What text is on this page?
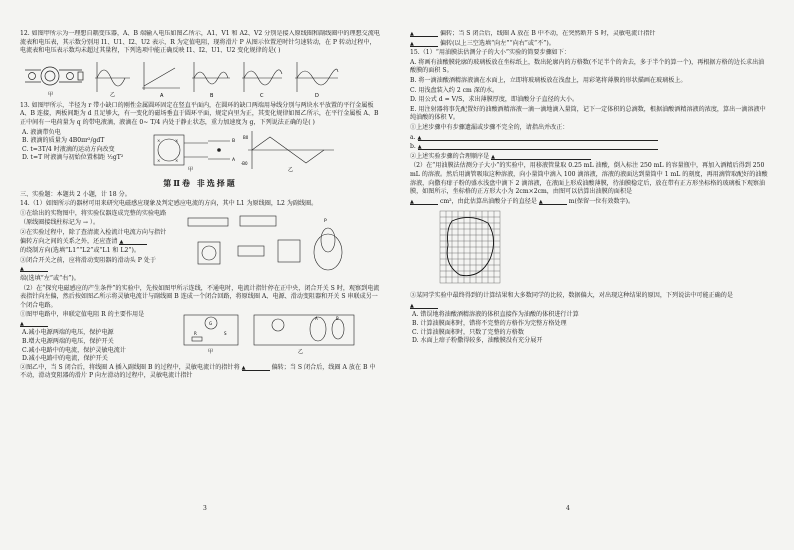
12. 如图甲所示为一理想自耦变压器，A、B 端输入电压如图乙所示，A1、V1 和 A2、V2 分别是接入原线圈和副线圈中的理想交流电流表和电压表，其示数分别用 I1、U1、I2、U2 表示，R 为定值电阻，现将滑片 P 从图示位置逆时针匀速转动，在 P 转动过程中，电流表和电压表示数均未超过其量程，下列选项中能正确反映 I1、I2、U1、U2 变化规律的是( )

甲	乙	A	B	C	D

13. 如图甲所示，半径为 r 带小缺口的刚性金属圆环固定在竖直平面内，在圆环的缺口两端用导线分别与两块水平放置的平行金属板 A、B 连接，两板间距为 d 且足够大，有一变化的磁场垂直于圆环平面，规定向里为正，其变化规律如图乙所示，在平行金属板 A、B 正中间有一电荷量为 q 的带电液滴，液滴在 0~ T/4 内处于静止状态，重力加速度为 g，下列说法正确的是( )

A. 液滴带负电

B. 液滴的质量为 4B0πr²/gdT

C. t=3T/4 时液滴的运动方向改变

D. t=T 时液滴与初始位置相距 ½gT²

×	×
×	×
B
A
甲
B0
-B0
乙
第Ⅱ卷 非选择题

三、实验题：本题共 2 小题，计 18 分。

14.（1）如图所示的器材可用来研究电磁感应现象及判定感应电流的方向，其中 L1 为原线圈，L2 为副线圈。

①在给出的实物图中，将实验仪器连成完整的实验电路

（原线圈接线柱标记为 → ）。

②在实验过程中，除了查清流入检流计电流方向与指针偏转方向之间的关系之外，还应查清 ▲

的绕制方向(选填“L1”“L2”或“L1 和 L2”)。

③闭合开关之前，应将滑动变阻器的滑动头 P 处于 ▲

端(选填“左”或“右”)。

P

（2）在“探究电磁感应的产生条件”的实验中，先按如图甲所示连线，不通电时，电流计指针停在正中央，闭合开关 S 时，观察到电流表指针向左偏，然后按如图乙所示将灵敏电流计与副线圈 B 连成一个闭合回路，将原线圈 A、电源、滑动变阻器和开关 S 串联成另一个闭合电路。

①图甲电路中，串联定值电阻 R 的主要作用是 ▲

A.减小电源两端的电压，保护电源

B.增大电源两端的电压，保护开关

C.减小电路中的电流，保护灵敏电流计

D.减小电路中的电流，保护开关

甲	乙
R	S
G
A	B

②图乙中，当 S 闭合后，将线圈 A 插入副线圈 B 的过程中，灵敏电流计的指针将 ▲	偏转；当 S 闭合后，线圈 A 放在 B 中不动，滑动变阻器的滑片 P 向左滑动的过程中，灵敏电流计指针

3

▲	偏转；当 S 闭合后，线圈 A 放在 B 中不动，在突然断开 S 时，灵敏电流计指针

▲	偏转(以上三空选填“向左”“向右”或“不”)。

15.（1）“用油膜法估测分子的大小”实验的简要步骤如下：

A. 将画有油酸膜轮廓的玻璃板放在坐标纸上，数出轮廓内的方格数(不足半个的舍去，多于半个的算一个)，再根据方格的边长求出油酸膜的面积 S。

B. 将一滴油酸酒精溶液滴在水面上，立即将玻璃板放在浅盘上，用彩笔将薄膜的形状描画在玻璃板上。

C. 用浅盘装入约 2 cm 深的水。

D. 用公式 d = V/S，求出薄膜厚度，即油酸分子直径的大小。

E. 用注射器将事先配置好的油酸酒精溶液一滴一滴地滴入量筒，记下一定体积的总滴数，根据油酸酒精溶液的浓度，算出一滴溶液中纯油酸的体积 V。

①上述步骤中有步骤遗漏或步骤不完全的，请指出并改正：

a. ▲

b. ▲

②上述实验步骤的合理顺序是 ▲

（2）在“用油膜法估测分子大小”的实验中，用移液管量取 0.25 mL 油酸，倒入标注 250 mL 的容量瓶中，再加入酒精后得到 250 mL 的溶液。然后用滴管吸取这种溶液，向小量筒中滴入 100 滴溶液，溶液的液面达到量筒中 1 mL 的刻度，再用滴管取配好的油酸溶液，向撒有痱子粉的盛水浅盘中滴下 2 滴溶液，在液面上形成油酸薄膜，待油膜稳定后，放在带有正方形坐标格的玻璃板下观察油膜，如图所示，坐标格的正方形大小为 2cm×2cm，由图可以估算出油膜的面积是

▲	cm²，由此估算出油酸分子的直径是 ▲	m(保留一位有效数字)。

③某同学实验中最终得到的计算结果和大多数同学的比较，数据偏大，对出现这种结果的原因，下列说法中可能正确的是

▲

A. 错误地将油酸酒精溶液的体积直接作为油酸的体积进行计算

B. 计算油膜面积时，错将不完整的方格作为完整方格处理

C. 计算油膜面积时，只数了完整的方格数

D. 水面上痱子粉撒得较多，油酸膜没有充分展开

4
